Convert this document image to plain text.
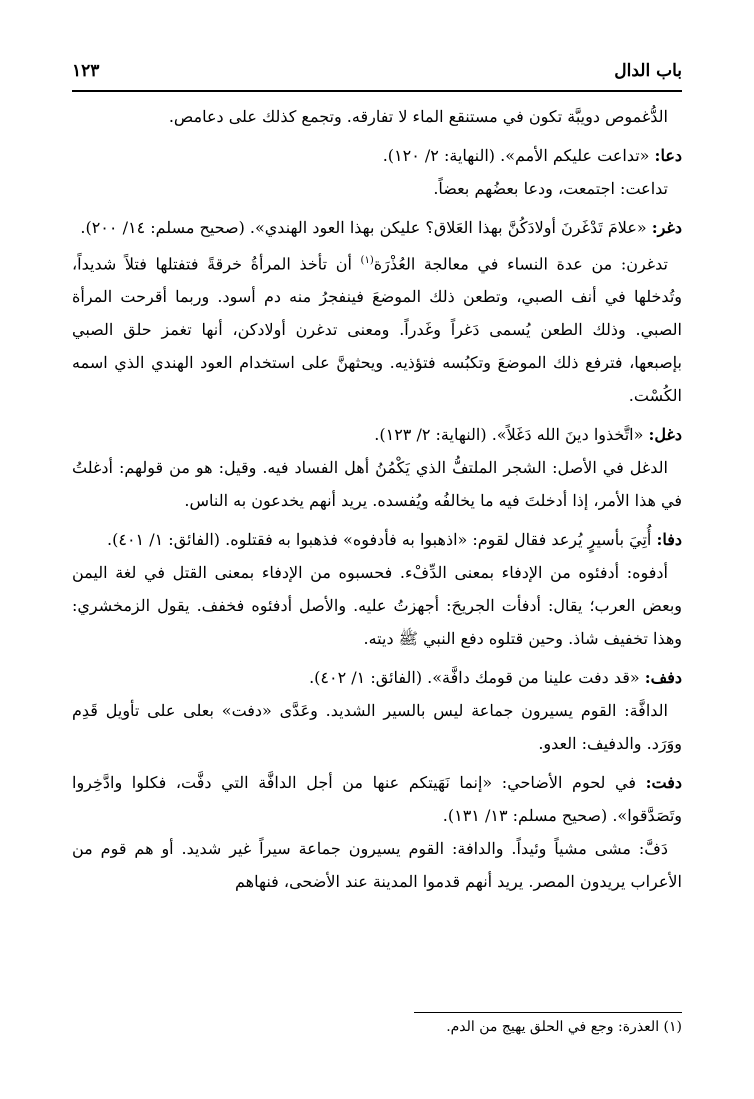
باب الدال
١٢٣

الدُّغموص دويبَّة تكون في مستنقع الماء لا تفارقه. وتجمع كذلك على دعامص.

دعا: «تداعت عليكم الأمم». (النهاية: ٢/ ١٢٠).

تداعت: اجتمعت، ودعا بعضُهم بعضاً.

دغر: «علامَ تَدْغَرنَ أولادَكُنَّ بهذا العَلاق؟ عليكن بهذا العود الهندي». (صحيح مسلم: ١٤/ ٢٠٠).

تدغرن: من عدة النساء في معالجة العُذْرَة$^{(١)}$ أن تأخذ المرأةُ خرقةً فتفتلها فتلاً شديداً، وتُدخلها في أنف الصبي، وتطعن ذلك الموضعَ فينفجرُ منه دم أسود. وربما أقرحت المرأة الصبي. وذلك الطعن يُسمى دَغراً وغَدراً. ومعنى تدغرن أولادكن، أنها تغمز حلق الصبي بإصبعها، فترفع ذلك الموضعَ وتكبُسه فتؤذيه. ويحثهنَّ على استخدام العود الهندي الذي اسمه الكُسْت.

دغل: «اتَّخذوا دينَ الله دَغَلاً». (النهاية: ٢/ ١٢٣).

الدغل في الأصل: الشجر الملتفُّ الذي يَكْمُنُ أهل الفساد فيه. وقيل: هو من قولهم: أدغلتُ في هذا الأمر، إذا أدخلتَ فيه ما يخالفُه ويُفسده. يريد أنهم يخدعون به الناس.

دفا: أُتِيَ بأسيرٍ يُرعد فقال لقوم: «اذهبوا به فأدفوه» فذهبوا به فقتلوه. (الفائق: ١/ ٤٠١).

أدفوه: أدفئوه من الإدفاء بمعنى الدِّفْء. فحسبوه من الإدفاء بمعنى القتل في لغة اليمن وبعض العرب؛ يقال: أدفأت الجريحَ: أجهزتُ عليه. والأصل أدفئوه فخفف. يقول الزمخشري: وهذا تخفيف شاذ. وحين قتلوه دفع النبي ﷺ ديته.

دفف: «قد دفت علينا من قومك دافَّة». (الفائق: ١/ ٤٠٢).

الدافَّة: القوم يسيرون جماعة ليس بالسير الشديد. وعَدَّى «دفت» بعلى على تأويل قَدِم ووَرَد. والدفيف: العدو.

دفت: في لحوم الأضاحي: «إنما نَهَيتكم عنها من أجل الدافَّة التي دفَّت، فكلوا وادَّخِروا وتَصَدَّقوا». (صحيح مسلم: ١٣/ ١٣١).

دَفَّ: مشى مشياً وئيداً. والدافة: القوم يسيرون جماعة سيراً غير شديد. أو هم قوم من الأعراب يريدون المصر. يريد أنهم قدموا المدينة عند الأضحى، فنهاهم

(١) العذرة: وجع في الحلق يهيج من الدم.
